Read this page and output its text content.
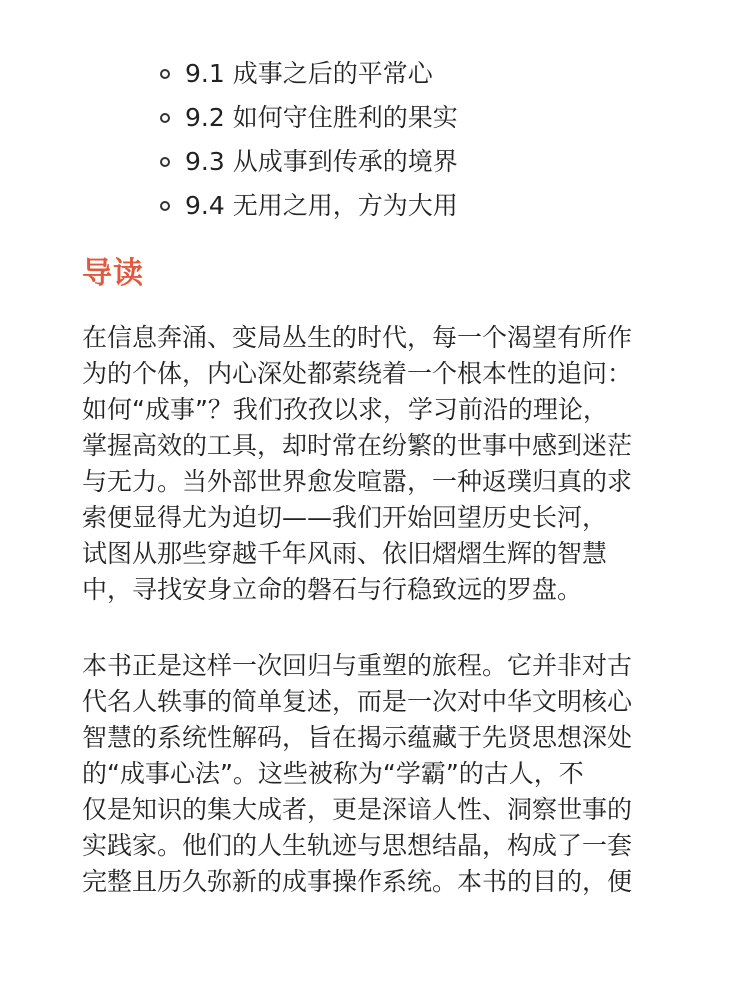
9.1 成事之后的平常心
9.2 如何守住胜利的果实
9.3 从成事到传承的境界
9.4 无用之用，方为大用
导读

在信息奔涌、变局丛生的时代，每一个渴望有所作
为的个体，内心深处都萦绕着一个根本性的追问：
如何“成事”？我们孜孜以求，学习前沿的理论，
掌握高效的工具，却时常在纷繁的世事中感到迷茫
与无力。当外部世界愈发喧嚣，一种返璞归真的求
索便显得尤为迫切——我们开始回望历史长河，
试图从那些穿越千年风雨、依旧熠熠生辉的智慧
中，寻找安身立命的磐石与行稳致远的罗盘。

本书正是这样一次回归与重塑的旅程。它并非对古
代名人轶事的简单复述，而是一次对中华文明核心
智慧的系统性解码，旨在揭示蕴藏于先贤思想深处
的“成事心法”。这些被称为“学霸”的古人，不
仅是知识的集大成者，更是深谙人性、洞察世事的
实践家。他们的人生轨迹与思想结晶，构成了一套
完整且历久弥新的成事操作系统。本书的目的，便
